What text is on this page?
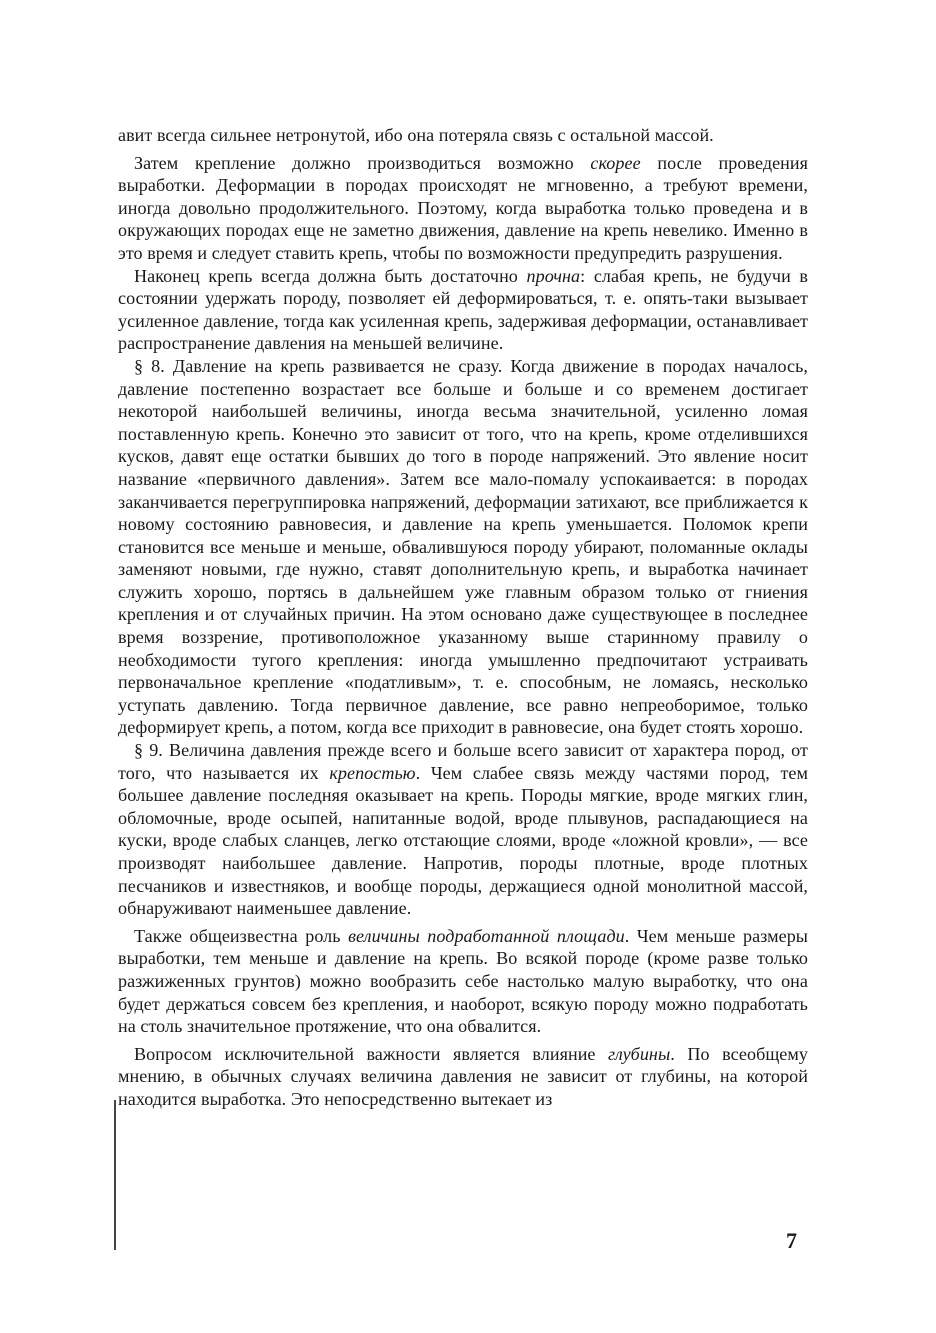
авит всегда сильнее нетронутой, ибо она потеряла связь с остальной массой.

Затем крепление должно производиться возможно скорее после проведения выработки. Деформации в породах происходят не мгновенно, а требуют времени, иногда довольно продолжительного. Поэтому, когда выработка только проведена и в окружающих породах еще не заметно движения, давление на крепь невелико. Именно в это время и следует ставить крепь, чтобы по возможности предупредить разрушения.

Наконец крепь всегда должна быть достаточно прочна: слабая крепь, не будучи в состоянии удержать породу, позволяет ей деформироваться, т. е. опять-таки вызывает усиленное давление, тогда как усиленная крепь, задерживая деформации, останавливает распространение давления на меньшей величине.

§ 8. Давление на крепь развивается не сразу. Когда движение в породах началось, давление постепенно возрастает все больше и больше и со временем достигает некоторой наибольшей величины, иногда весьма значительной, усиленно ломая поставленную крепь. Конечно это зависит от того, что на крепь, кроме отделившихся кусков, давят еще остатки бывших до того в породе напряжений. Это явление носит название «первичного давления». Затем все мало-помалу успокаивается: в породах заканчивается перегруппировка напряжений, деформации затихают, все приближается к новому состоянию равновесия, и давление на крепь уменьшается. Поломок крепи становится все меньше и меньше, обвалившуюся породу убирают, поломанные оклады заменяют новыми, где нужно, ставят дополнительную крепь, и выработка начинает служить хорошо, портясь в дальнейшем уже главным образом только от гниения крепления и от случайных причин. На этом основано даже существующее в последнее время воззрение, противоположное указанному выше старинному правилу о необходимости тугого крепления: иногда умышленно предпочитают устраивать первоначальное крепление «податливым», т. е. способным, не ломаясь, несколько уступать давлению. Тогда первичное давление, все равно непреоборимое, только деформирует крепь, а потом, когда все приходит в равновесие, она будет стоять хорошо.

§ 9. Величина давления прежде всего и больше всего зависит от характера пород, от того, что называется их крепостью. Чем слабее связь между частями пород, тем большее давление последняя оказывает на крепь. Породы мягкие, вроде мягких глин, обломочные, вроде осыпей, напитанные водой, вроде плывунов, распадающиеся на куски, вроде слабых сланцев, легко отстающие слоями, вроде «ложной кровли», — все производят наибольшее давление. Напротив, породы плотные, вроде плотных песчаников и известняков, и вообще породы, держащиеся одной монолитной массой, обнаруживают наименьшее давление.

Также общеизвестна роль величины подработанной площади. Чем меньше размеры выработки, тем меньше и давление на крепь. Во всякой породе (кроме разве только разжиженных грунтов) можно вообразить себе настолько малую выработку, что она будет держаться совсем без крепления, и наоборот, всякую породу можно подработать на столь значительное протяжение, что она обвалится.

Вопросом исключительной важности является влияние глубины. По всеобщему мнению, в обычных случаях величина давления не зависит от глубины, на которой находится выработка. Это непосредственно вытекает из

7
